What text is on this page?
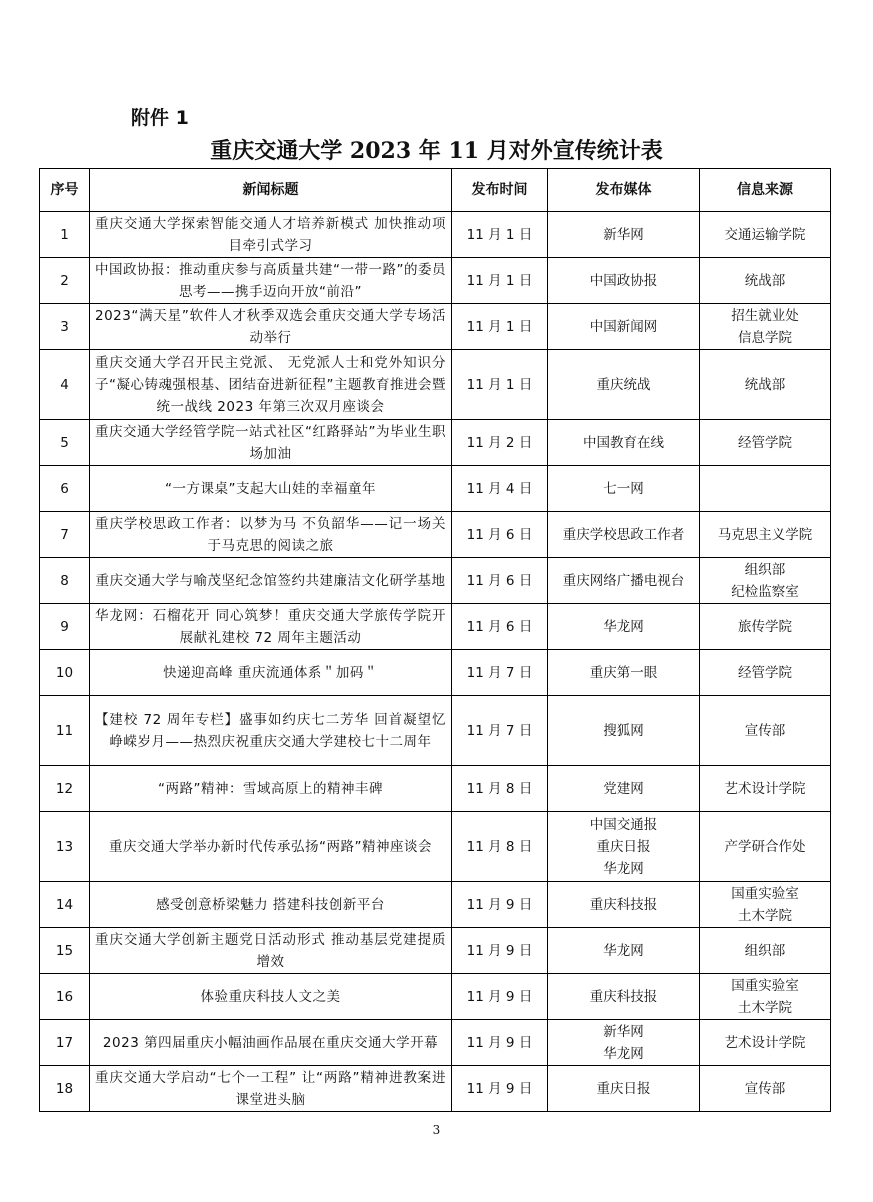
附件 1
重庆交通大学 2023 年 11 月对外宣传统计表
序号	新闻标题	发布时间	发布媒体	信息来源
1	重庆交通大学探索智能交通人才培养新模式 加快推动项目牵引式学习	11 月 1 日	新华网	交通运输学院
2	中国政协报：推动重庆参与高质量共建“一带一路”的委员思考——携手迈向开放“前沿”	11 月 1 日	中国政协报	统战部
3	2023“满天星”软件人才秋季双选会重庆交通大学专场活动举行	11 月 1 日	中国新闻网	招生就业处
信息学院
4	重庆交通大学召开民主党派、 无党派人士和党外知识分子“凝心铸魂强根基、团结奋进新征程”主题教育推进会暨统一战线 2023 年第三次双月座谈会	11 月 1 日	重庆统战	统战部
5	重庆交通大学经管学院一站式社区“红路驿站”为毕业生职场加油	11 月 2 日	中国教育在线	经管学院
6	“一方课桌”支起大山娃的幸福童年	11 月 4 日	七一网	
7	重庆学校思政工作者：以梦为马 不负韶华——记一场关于马克思的阅读之旅	11 月 6 日	重庆学校思政工作者	马克思主义学院
8	重庆交通大学与喻茂坚纪念馆签约共建廉洁文化研学基地	11 月 6 日	重庆网络广播电视台	组织部
纪检监察室
9	华龙网：石榴花开 同心筑梦！重庆交通大学旅传学院开展献礼建校 72 周年主题活动	11 月 6 日	华龙网	旅传学院
10	快递迎高峰 重庆流通体系＂加码＂	11 月 7 日	重庆第一眼	经管学院
11	【建校 72 周年专栏】盛事如约庆七二芳华 回首凝望忆峥嵘岁月——热烈庆祝重庆交通大学建校七十二周年	11 月 7 日	搜狐网	宣传部
12	“两路”精神：雪域高原上的精神丰碑	11 月 8 日	党建网	艺术设计学院
13	重庆交通大学举办新时代传承弘扬“两路”精神座谈会	11 月 8 日	中国交通报
重庆日报
华龙网	产学研合作处
14	感受创意桥梁魅力 搭建科技创新平台	11 月 9 日	重庆科技报	国重实验室
土木学院
15	重庆交通大学创新主题党日活动形式 推动基层党建提质增效	11 月 9 日	华龙网	组织部
16	体验重庆科技人文之美	11 月 9 日	重庆科技报	国重实验室
土木学院
17	2023 第四届重庆小幅油画作品展在重庆交通大学开幕	11 月 9 日	新华网
华龙网	艺术设计学院
18	重庆交通大学启动“七个一工程” 让“两路”精神进教案进课堂进头脑	11 月 9 日	重庆日报	宣传部
3
